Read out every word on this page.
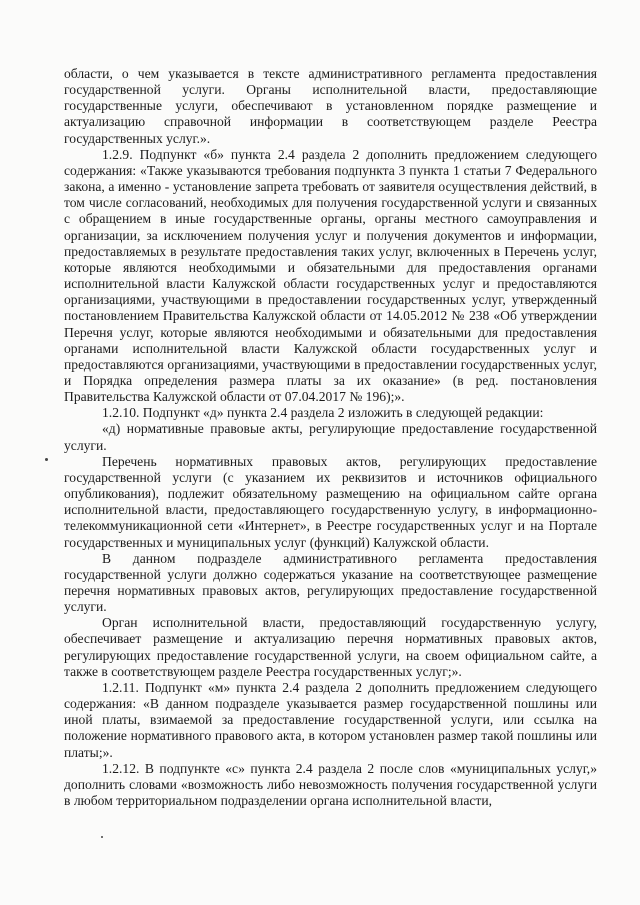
области, о чем указывается в тексте административного регламента предоставления государственной услуги. Органы исполнительной власти, предоставляющие государственные услуги, обеспечивают в установленном порядке размещение и актуализацию справочной информации в соответствующем разделе Реестра государственных услуг.».

1.2.9. Подпункт «б» пункта 2.4 раздела 2 дополнить предложением следующего содержания: «Также указываются требования подпункта 3 пункта 1 статьи 7 Федерального закона, а именно - установление запрета требовать от заявителя осуществления действий, в том числе согласований, необходимых для получения государственной услуги и связанных с обращением в иные государственные органы, органы местного самоуправления и организации, за исключением получения услуг и получения документов и информации, предоставляемых в результате предоставления таких услуг, включенных в Перечень услуг, которые являются необходимыми и обязательными для предоставления органами исполнительной власти Калужской области государственных услуг и предоставляются организациями, участвующими в предоставлении государственных услуг, утвержденный постановлением Правительства Калужской области от 14.05.2012 № 238 «Об утверждении Перечня услуг, которые являются необходимыми и обязательными для предоставления органами исполнительной власти Калужской области государственных услуг и предоставляются организациями, участвующими в предоставлении государственных услуг, и Порядка определения размера платы за их оказание» (в ред. постановления Правительства Калужской области от 07.04.2017 № 196);».

1.2.10. Подпункт «д» пункта 2.4 раздела 2 изложить в следующей редакции:

«д) нормативные правовые акты, регулирующие предоставление государственной услуги.

Перечень нормативных правовых актов, регулирующих предоставление государственной услуги (с указанием их реквизитов и источников официального опубликования), подлежит обязательному размещению на официальном сайте органа исполнительной власти, предоставляющего государственную услугу, в информационно-телекоммуникационной сети «Интернет», в Реестре государственных услуг и на Портале государственных и муниципальных услуг (функций) Калужской области.

В данном подразделе административного регламента предоставления государственной услуги должно содержаться указание на соответствующее размещение перечня нормативных правовых актов, регулирующих предоставление государственной услуги.

Орган исполнительной власти, предоставляющий государственную услугу, обеспечивает размещение и актуализацию перечня нормативных правовых актов, регулирующих предоставление государственной услуги, на своем официальном сайте, а также в соответствующем разделе Реестра государственных услуг;».

1.2.11. Подпункт «м» пункта 2.4 раздела 2 дополнить предложением следующего содержания: «В данном подразделе указывается размер государственной пошлины или иной платы, взимаемой за предоставление государственной услуги, или ссылка на положение нормативного правового акта, в котором установлен размер такой пошлины или платы;».

1.2.12. В подпункте «с» пункта 2.4 раздела 2 после слов «муниципальных услуг,» дополнить словами «возможность либо невозможность получения государственной услуги в любом территориальном подразделении органа исполнительной власти,
